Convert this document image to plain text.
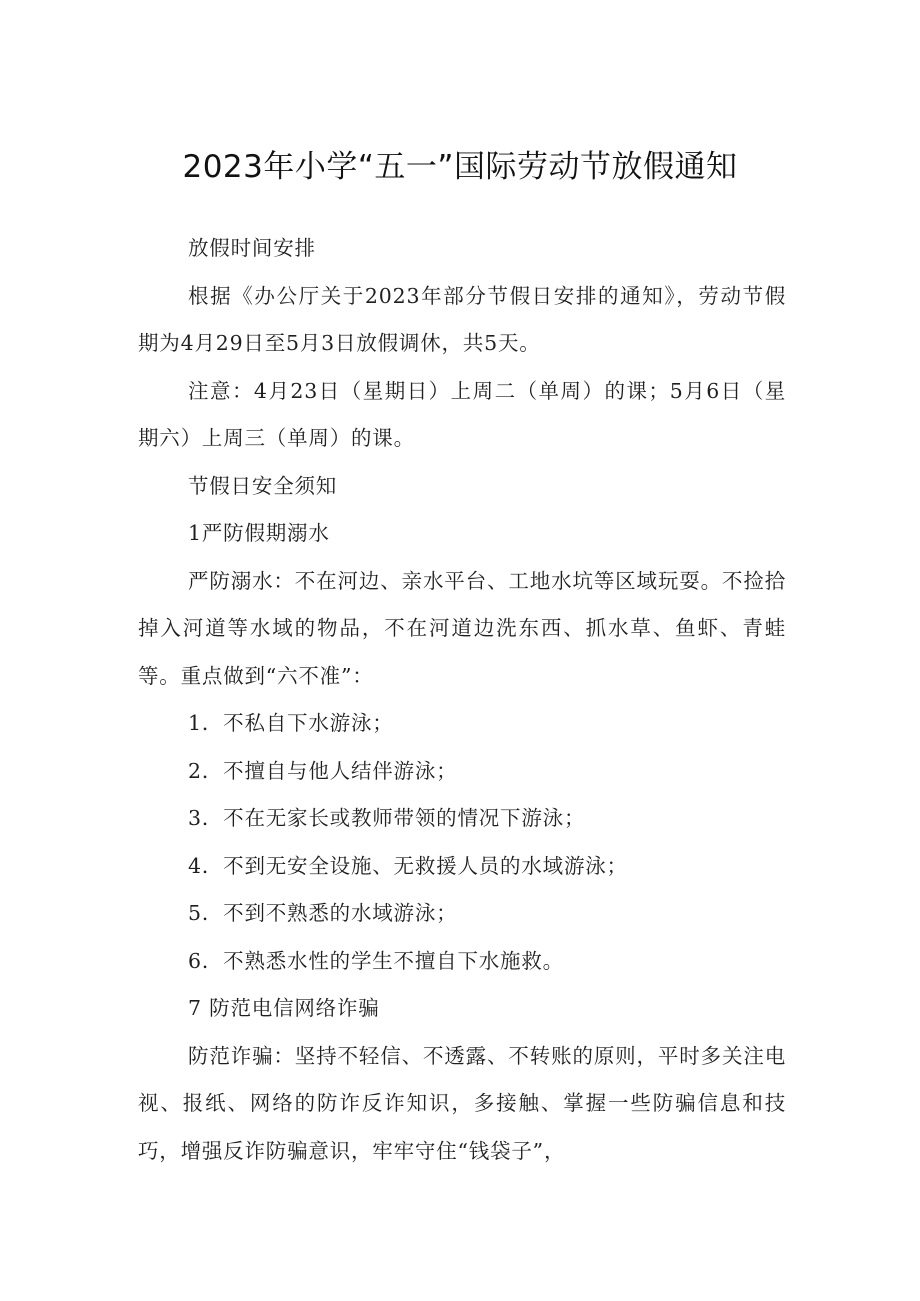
2023年小学“五一”国际劳动节放假通知

放假时间安排

根据《办公厅关于2023年部分节假日安排的通知》，劳动节假期为4月29日至5月3日放假调休，共5天。

注意：4月23日（星期日）上周二（单周）的课；5月6日（星期六）上周三（单周）的课。

节假日安全须知

1严防假期溺水

严防溺水：不在河边、亲水平台、工地水坑等区域玩耍。不捡拾掉入河道等水域的物品，不在河道边洗东西、抓水草、鱼虾、青蛙等。重点做到“六不准”：

1．不私自下水游泳；

2．不擅自与他人结伴游泳；

3．不在无家长或教师带领的情况下游泳；

4．不到无安全设施、无救援人员的水域游泳；

5．不到不熟悉的水域游泳；

6．不熟悉水性的学生不擅自下水施救。

7 防范电信网络诈骗

防范诈骗：坚持不轻信、不透露、不转账的原则，平时多关注电视、报纸、网络的防诈反诈知识，多接触、掌握一些防骗信息和技巧，增强反诈防骗意识，牢牢守住“钱袋子”，
